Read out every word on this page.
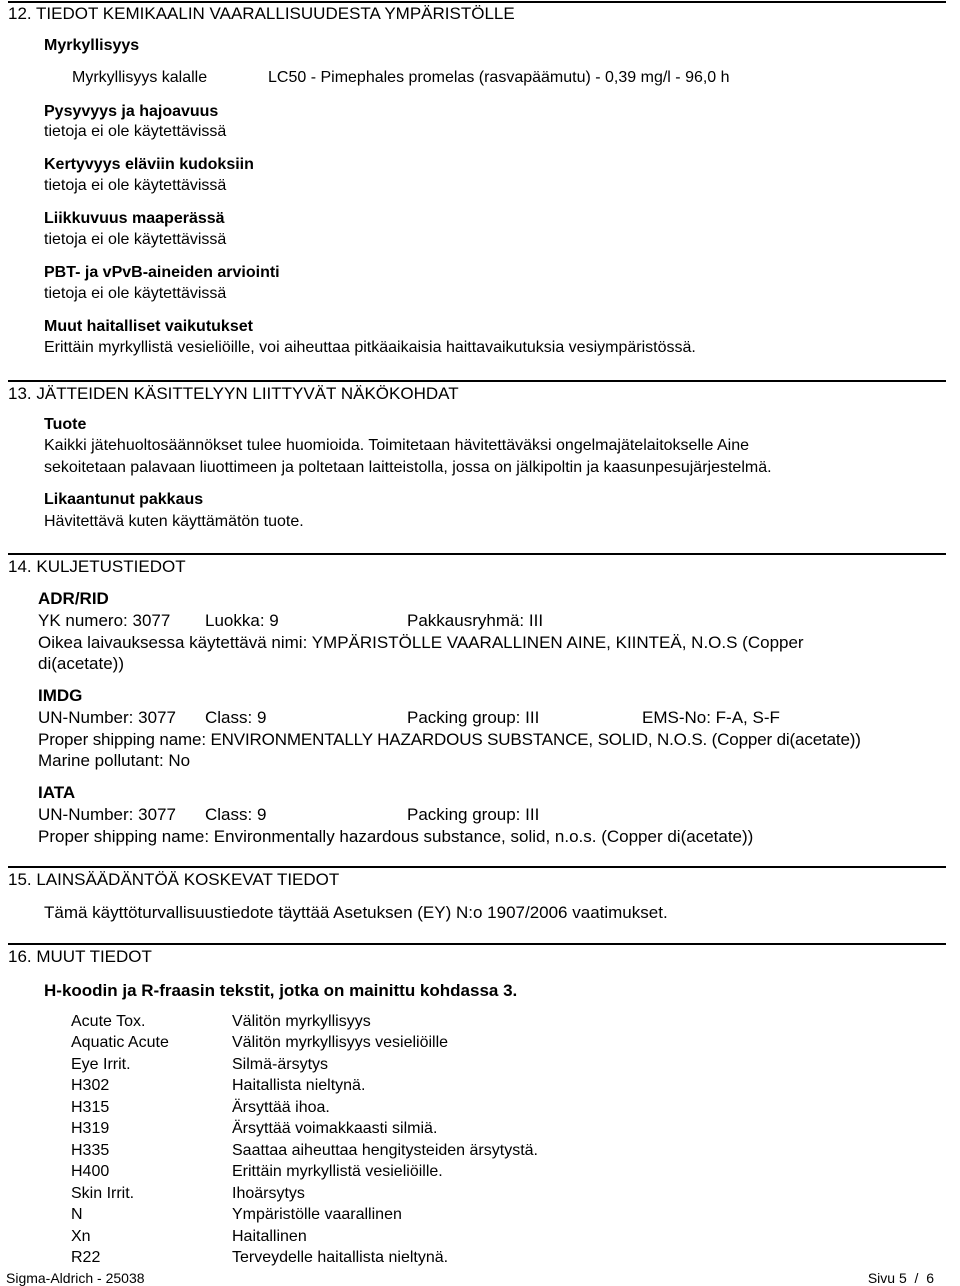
12. TIEDOT KEMIKAALIN VAARALLISUUDESTA YMPÄRISTÖLLE
Myrkyllisyys
Myrkyllisyys kalalle	LC50 - Pimephales promelas (rasvapäämutu) - 0,39 mg/l - 96,0 h
Pysyvyys ja hajoavuus
tietoja ei ole käytettävissä
Kertyvyys eläviin kudoksiin
tietoja ei ole käytettävissä
Liikkuvuus maaperässä
tietoja ei ole käytettävissä
PBT- ja vPvB-aineiden arviointi
tietoja ei ole käytettävissä
Muut haitalliset vaikutukset
Erittäin myrkyllistä vesieliöille, voi aiheuttaa pitkäaikaisia haittavaikutuksia vesiympäristössä.
13. JÄTTEIDEN KÄSITTELYYN LIITTYVÄT NÄKÖKOHDAT
Tuote
Kaikki jätehuoltosäännökset tulee huomioida. Toimitetaan hävitettäväksi ongelmajätelaitokselle Aine
sekoitetaan palavaan liuottimeen ja poltetaan laitteistolla, jossa on jälkipoltin ja kaasunpesujärjestelmä.
Likaantunut pakkaus
Hävitettävä kuten käyttämätön tuote.
14. KULJETUSTIEDOT
ADR/RID
YK numero: 3077 Luokka: 9	Pakkausryhmä: III
Oikea laivauksessa käytettävä nimi: YMPÄRISTÖLLE VAARALLINEN AINE, KIINTEÄ, N.O.S (Copper
di(acetate))
IMDG
UN-Number: 3077 Class: 9	Packing group: III	EMS-No: F-A, S-F
Proper shipping name: ENVIRONMENTALLY HAZARDOUS SUBSTANCE, SOLID, N.O.S. (Copper di(acetate))
Marine pollutant: No
IATA
UN-Number: 3077 Class: 9	Packing group: III
Proper shipping name: Environmentally hazardous substance, solid, n.o.s. (Copper di(acetate))
15. LAINSÄÄDÄNTÖÄ KOSKEVAT TIEDOT
Tämä käyttöturvallisuustiedote täyttää Asetuksen (EY) N:o 1907/2006 vaatimukset.
16. MUUT TIEDOT
H-koodin ja R-fraasin tekstit, jotka on mainittu kohdassa 3.
Acute Tox.	Välitön myrkyllisyys
Aquatic Acute	Välitön myrkyllisyys vesieliöille
Eye Irrit.	Silmä-ärsytys
H302	Haitallista nieltynä.
H315	Ärsyttää ihoa.
H319	Ärsyttää voimakkaasti silmiä.
H335	Saattaa aiheuttaa hengitysteiden ärsytystä.
H400	Erittäin myrkyllistä vesieliöille.
Skin Irrit.	Ihoärsytys
N	Ympäristölle vaarallinen
Xn	Haitallinen
R22	Terveydelle haitallista nieltynä.
Sigma-Aldrich - 25038	Sivu 5  /  6
